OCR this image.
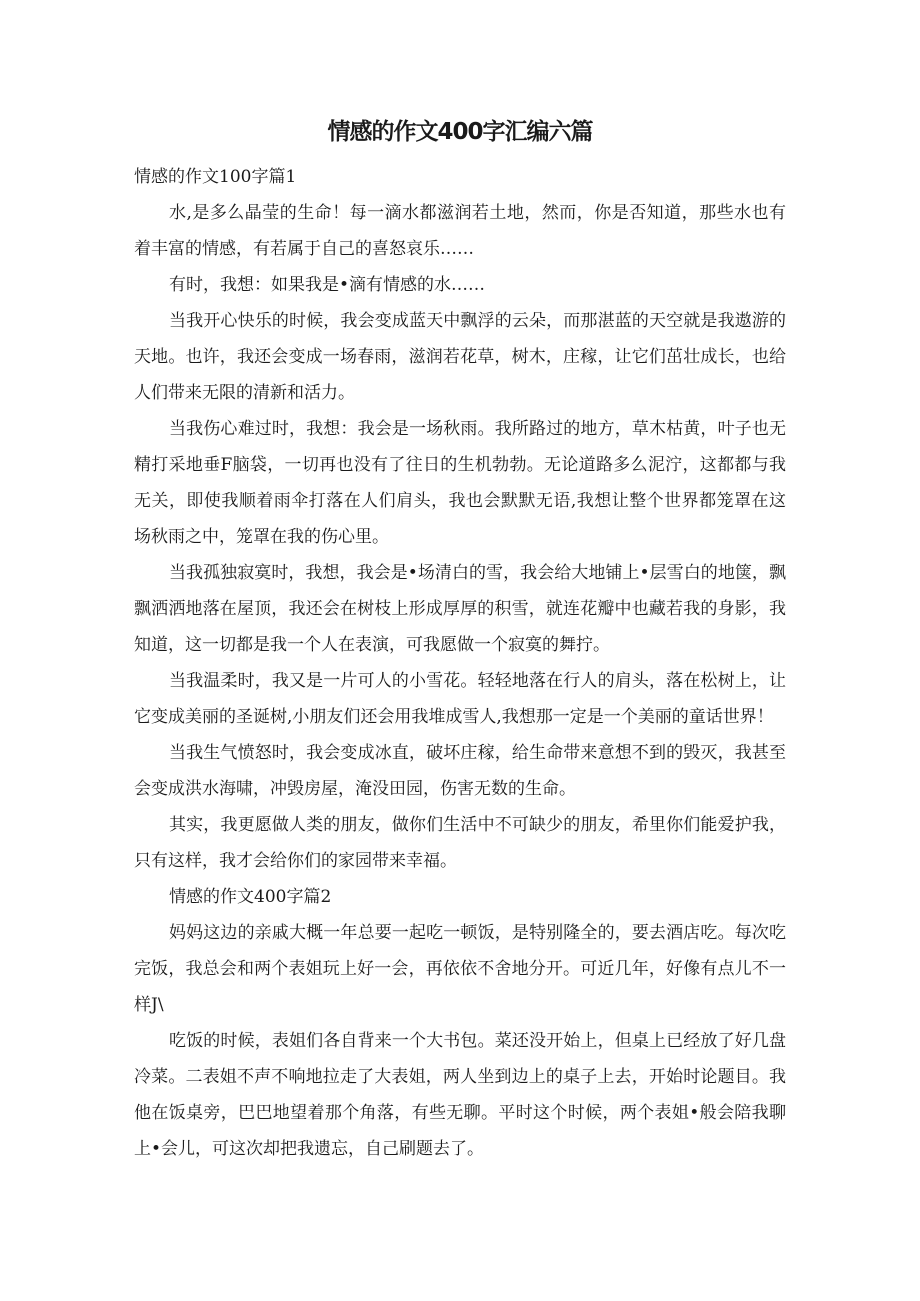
情感的作文400字汇编六篇
情感的作文100字篇1
水,是多么晶莹的生命！每一滴水都滋润若土地，然而，你是否知道，那些水也有
着丰富的情感，有若属于自己的喜怒哀乐……
有时，我想：如果我是•滴有情感的水……
当我开心快乐的时候，我会变成蓝天中飘浮的云朵，而那湛蓝的天空就是我遨游的
天地。也许，我还会变成一场春雨，滋润若花草，树木，庄稼，让它们茁壮成长，也给
人们带来无限的清新和活力。
当我伤心难过时，我想：我会是一场秋雨。我所路过的地方，草木枯黄，叶子也无
精打采地垂F脑袋，一切再也没有了往日的生机勃勃。无论道路多么泥泞，这都都与我
无关，即使我顺着雨伞打落在人们肩头，我也会默默无语,我想让整个世界都笼罩在这
场秋雨之中，笼罩在我的伤心里。
当我孤独寂寞时，我想，我会是•场清白的雪，我会给大地铺上•层雪白的地箧，飘
飘洒洒地落在屋顶，我还会在树枝上形成厚厚的积雪，就连花瓣中也藏若我的身影，我
知道，这一切都是我一个人在表演，可我愿做一个寂寞的舞拧。
当我温柔时，我又是一片可人的小雪花。轻轻地落在行人的肩头，落在松树上，让
它变成美丽的圣诞树,小朋友们还会用我堆成雪人,我想那一定是一个美丽的童话世界！
当我生气愤怒时，我会变成冰直，破坏庄稼，给生命带来意想不到的毁灭，我甚至
会变成洪水海啸，冲毁房屋，淹没田园，伤害无数的生命。
其实，我更愿做人类的朋友，做你们生活中不可缺少的朋友，希里你们能爱护我，
只有这样，我才会给你们的家园带来幸福。
情感的作文400字篇2
妈妈这边的亲戚大概一年总要一起吃一顿饭，是特别隆全的，要去酒店吃。每次吃
完饭，我总会和两个表姐玩上好一会，再依依不舍地分开。可近几年，好像有点儿不一
样J\
吃饭的时候，表姐们各自背来一个大书包。菜还没开始上，但桌上已经放了好几盘
冷菜。二表姐不声不响地拉走了大表姐，两人坐到边上的桌子上去，开始时论题目。我
他在饭桌旁，巴巴地望着那个角落，有些无聊。平时这个时候，两个表姐•般会陪我聊
上•会儿，可这次却把我遗忘，自己刷题去了。
